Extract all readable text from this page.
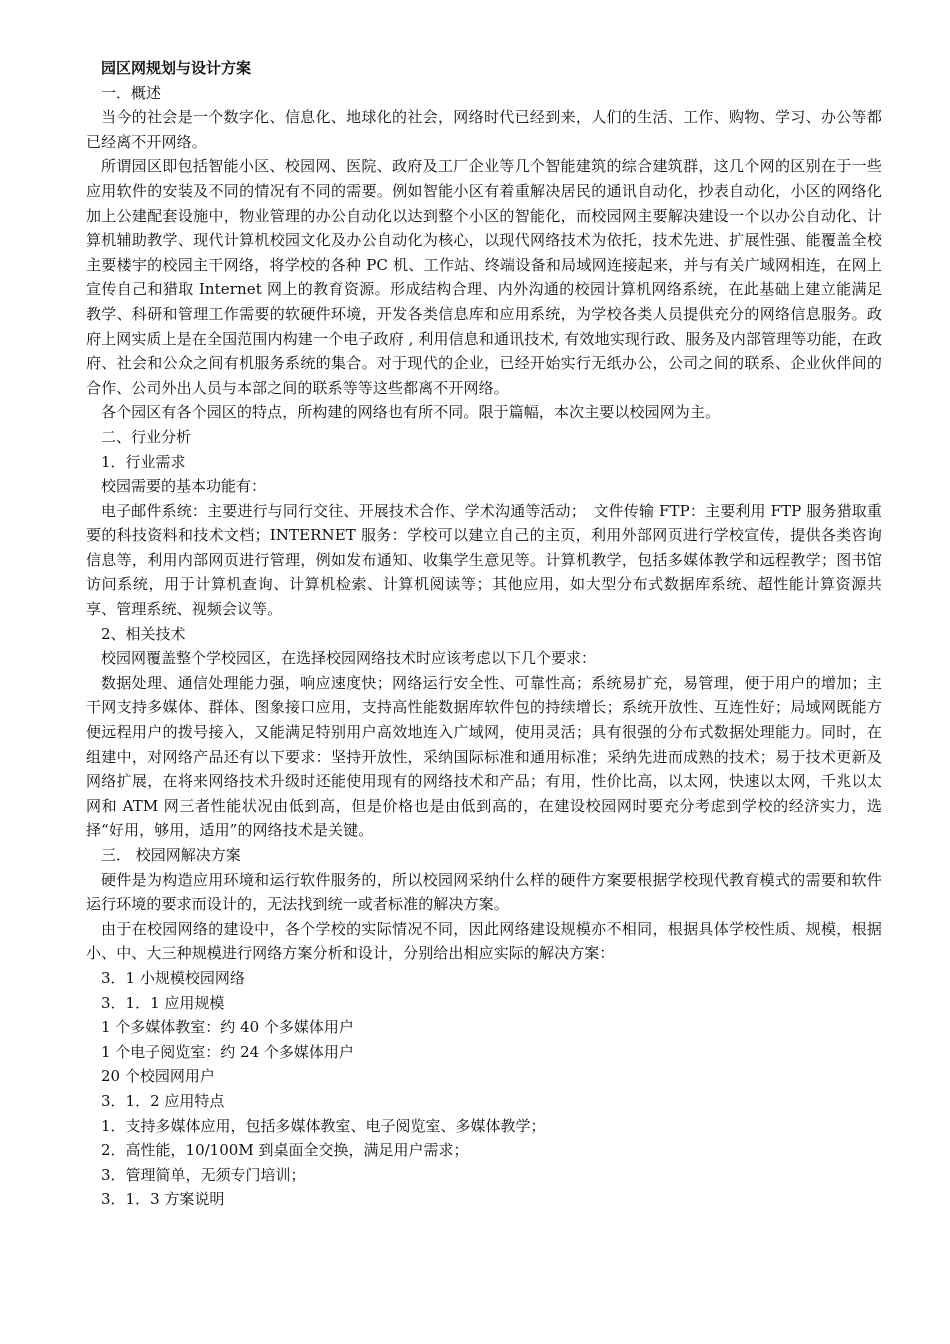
园区网规划与设计方案
一．概述

当今的社会是一个数字化、信息化、地球化的社会，网络时代已经到来，人们的生活、工作、购物、学习、办公等都已经离不开网络。

所谓园区即包括智能小区、校园网、医院、政府及工厂企业等几个智能建筑的综合建筑群，这几个网的区别在于一些应用软件的安装及不同的情况有不同的需要。例如智能小区有着重解决居民的通讯自动化，抄表自动化，小区的网络化加上公建配套设施中，物业管理的办公自动化以达到整个小区的智能化，而校园网主要解决建设一个以办公自动化、计算机辅助教学、现代计算机校园文化及办公自动化为核心，以现代网络技术为依托，技术先进、扩展性强、能覆盖全校主要楼宇的校园主干网络，将学校的各种 PC 机、工作站、终端设备和局域网连接起来，并与有关广域网相连，在网上宣传自己和猎取 Internet 网上的教育资源。形成结构合理、内外沟通的校园计算机网络系统，在此基础上建立能满足教学、科研和管理工作需要的软硬件环境，开发各类信息库和应用系统，为学校各类人员提供充分的网络信息服务。政府上网实质上是在全国范围内构建一个电子政府 , 利用信息和通讯技术, 有效地实现行政、服务及内部管理等功能，在政府、社会和公众之间有机服务系统的集合。对于现代的企业，已经开始实行无纸办公，公司之间的联系、企业伙伴间的合作、公司外出人员与本部之间的联系等等这些都离不开网络。

各个园区有各个园区的特点，所构建的网络也有所不同。限于篇幅，本次主要以校园网为主。

二、行业分析
1．行业需求
校园需要的基本功能有：

电子邮件系统：主要进行与同行交往、开展技术合作、学术沟通等活动；　文件传输 FTP：主要利用 FTP 服务猎取重要的科技资料和技术文档；INTERNET 服务：学校可以建立自己的主页，利用外部网页进行学校宣传，提供各类咨询信息等，利用内部网页进行管理，例如发布通知、收集学生意见等。计算机教学，包括多媒体教学和远程教学；图书馆访问系统，用于计算机查询、计算机检索、计算机阅读等；其他应用，如大型分布式数据库系统、超性能计算资源共享、管理系统、视频会议等。

2、相关技术
校园网覆盖整个学校园区，在选择校园网络技术时应该考虑以下几个要求：

数据处理、通信处理能力强，响应速度快；网络运行安全性、可靠性高；系统易扩充，易管理，便于用户的增加；主干网支持多媒体、群体、图象接口应用，支持高性能数据库软件包的持续增长；系统开放性、互连性好；局域网既能方便远程用户的拨号接入，又能满足特别用户高效地连入广域网，使用灵活；具有很强的分布式数据处理能力。同时，在组建中，对网络产品还有以下要求：坚持开放性，采纳国际标准和通用标准；采纳先进而成熟的技术；易于技术更新及网络扩展，在将来网络技术升级时还能使用现有的网络技术和产品；有用，性价比高，以太网，快速以太网，千兆以太网和 ATM 网三者性能状况由低到高，但是价格也是由低到高的，在建设校园网时要充分考虑到学校的经济实力，选择“好用，够用，适用”的网络技术是关键。

三． 校园网解决方案

硬件是为构造应用环境和运行软件服务的，所以校园网采纳什么样的硬件方案要根据学校现代教育模式的需要和软件运行环境的要求而设计的，无法找到统一或者标准的解决方案。

由于在校园网络的建设中，各个学校的实际情况不同，因此网络建设规模亦不相同，根据具体学校性质、规模，根据小、中、大三种规模进行网络方案分析和设计，分别给出相应实际的解决方案：

3．1 小规模校园网络
3．1．1 应用规模
1 个多媒体教室：约 40 个多媒体用户
1 个电子阅览室：约 24 个多媒体用户
20 个校园网用户
3．1．2 应用特点
1．支持多媒体应用，包括多媒体教室、电子阅览室、多媒体教学；
2．高性能，10/100M 到桌面全交换，满足用户需求；
3．管理简单，无须专门培训；
3．1．3 方案说明
